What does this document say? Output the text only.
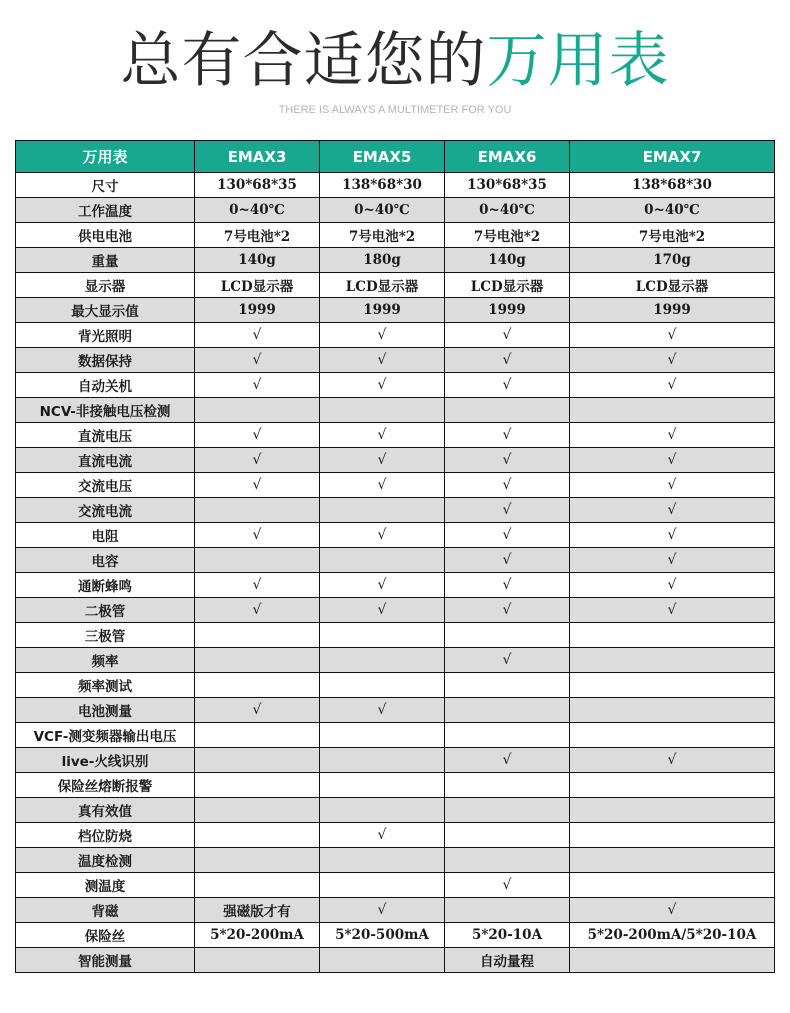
总有合适您的万用表
THERE IS ALWAYS A MULTIMETER FOR YOU
万用表	EMAX3	EMAX5	EMAX6	EMAX7
尺寸	130*68*35	138*68*30	130*68*35	138*68*30
工作温度	0~40℃	0~40℃	0~40℃	0~40℃
供电电池	7号电池*2	7号电池*2	7号电池*2	7号电池*2
重量	140g	180g	140g	170g
显示器	LCD显示器	LCD显示器	LCD显示器	LCD显示器
最大显示值	1999	1999	1999	1999
背光照明	√	√	√	√
数据保持	√	√	√	√
自动关机	√	√	√	√
NCV-非接触电压检测				
直流电压	√	√	√	√
直流电流	√	√	√	√
交流电压	√	√	√	√
交流电流			√	√
电阻	√	√	√	√
电容			√	√
通断蜂鸣	√	√	√	√
二极管	√	√	√	√
三极管				
频率			√	
频率测试				
电池测量	√	√		
VCF-测变频器输出电压				
live-火线识别			√	√
保险丝熔断报警				
真有效值				
档位防烧		√		
温度检测				
测温度			√	
背磁	强磁版才有	√		√
保险丝	5*20-200mA	5*20-500mA	5*20-10A	5*20-200mA/5*20-10A
智能测量			自动量程	
